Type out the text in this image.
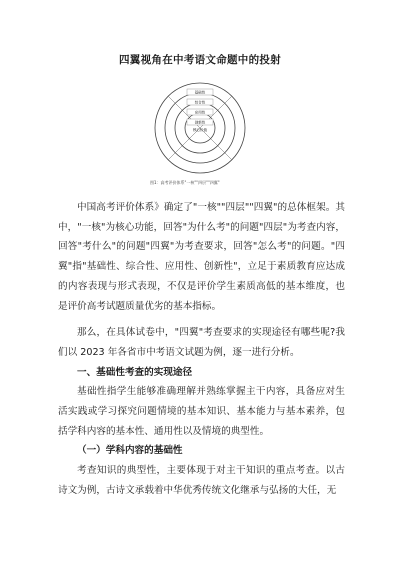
四翼视角在中考语文命题中的投射
基础性
综合性
应用性
创新性
核心价值
图1：高考评价体系"一核""四层""四翼"

中国高考评价体系》确定了"一核""四层""四翼"的总体框架。其中，"一核"为核心功能，回答"为什么考"的问题"四层"为考查内容，回答"考什么"的问题"四翼"为考查要求，回答"怎么考"的问题。"四翼"指"基础性、综合性、应用性、创新性"，立足于素质教育应达成的内容表现与形式表现，不仅是评价学生素质高低的基本维度，也是评价高考试题质量优劣的基本指标。

那么，在具体试卷中，"四翼"考查要求的实现途径有哪些呢?我们以 2023 年各省市中考语文试题为例，逐一进行分析。

一、基础性考查的实现途径

基础性指学生能够准确理解并熟练掌握主干内容，具备应对生活实践或学习探究问题情境的基本知识、基本能力与基本素养，包括学科内容的基本性、通用性以及情境的典型性。

（一）学科内容的基础性

考查知识的典型性，主要体现于对主干知识的重点考查。以古诗文为例，古诗文承载着中华优秀传统文化继承与弘扬的大任，无
